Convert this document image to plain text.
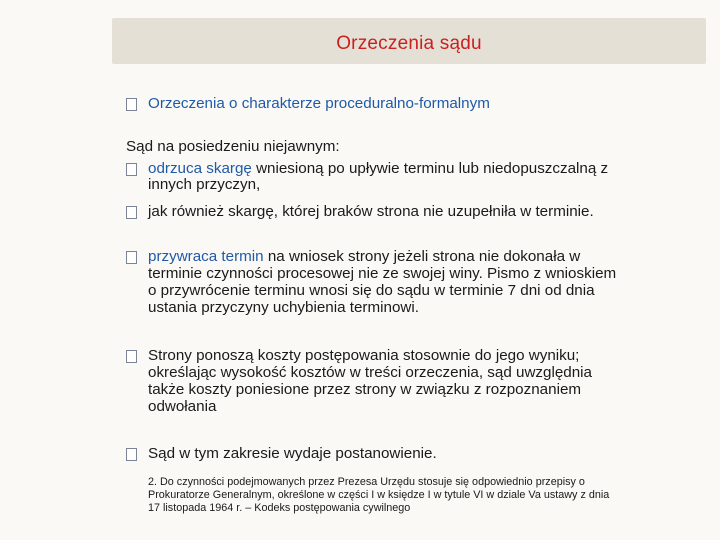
Orzeczenia sądu
Orzeczenia o charakterze proceduralno-formalnym
Sąd na posiedzeniu niejawnym:
odrzuca skargę wniesioną po upływie terminu lub niedopuszczalną z
innych przyczyn,
jak również skargę, której braków strona nie uzupełniła w terminie.
przywraca termin na wniosek strony jeżeli strona nie dokonała w
terminie czynności procesowej nie ze swojej winy. Pismo z wnioskiem
o przywrócenie terminu wnosi się do sądu w terminie 7 dni od dnia
ustania przyczyny uchybienia terminowi.
Strony ponoszą koszty postępowania stosownie do jego wyniku;
określając wysokość kosztów w treści orzeczenia, sąd uwzględnia
także koszty poniesione przez strony w związku z rozpoznaniem
odwołania
Sąd w tym zakresie wydaje postanowienie.
2. Do czynności podejmowanych przez Prezesa Urzędu stosuje się odpowiednio przepisy o
Prokuratorze Generalnym, określone w części I w księdze I w tytule VI w dziale Va ustawy z dnia
17 listopada 1964 r. – Kodeks postępowania cywilnego
